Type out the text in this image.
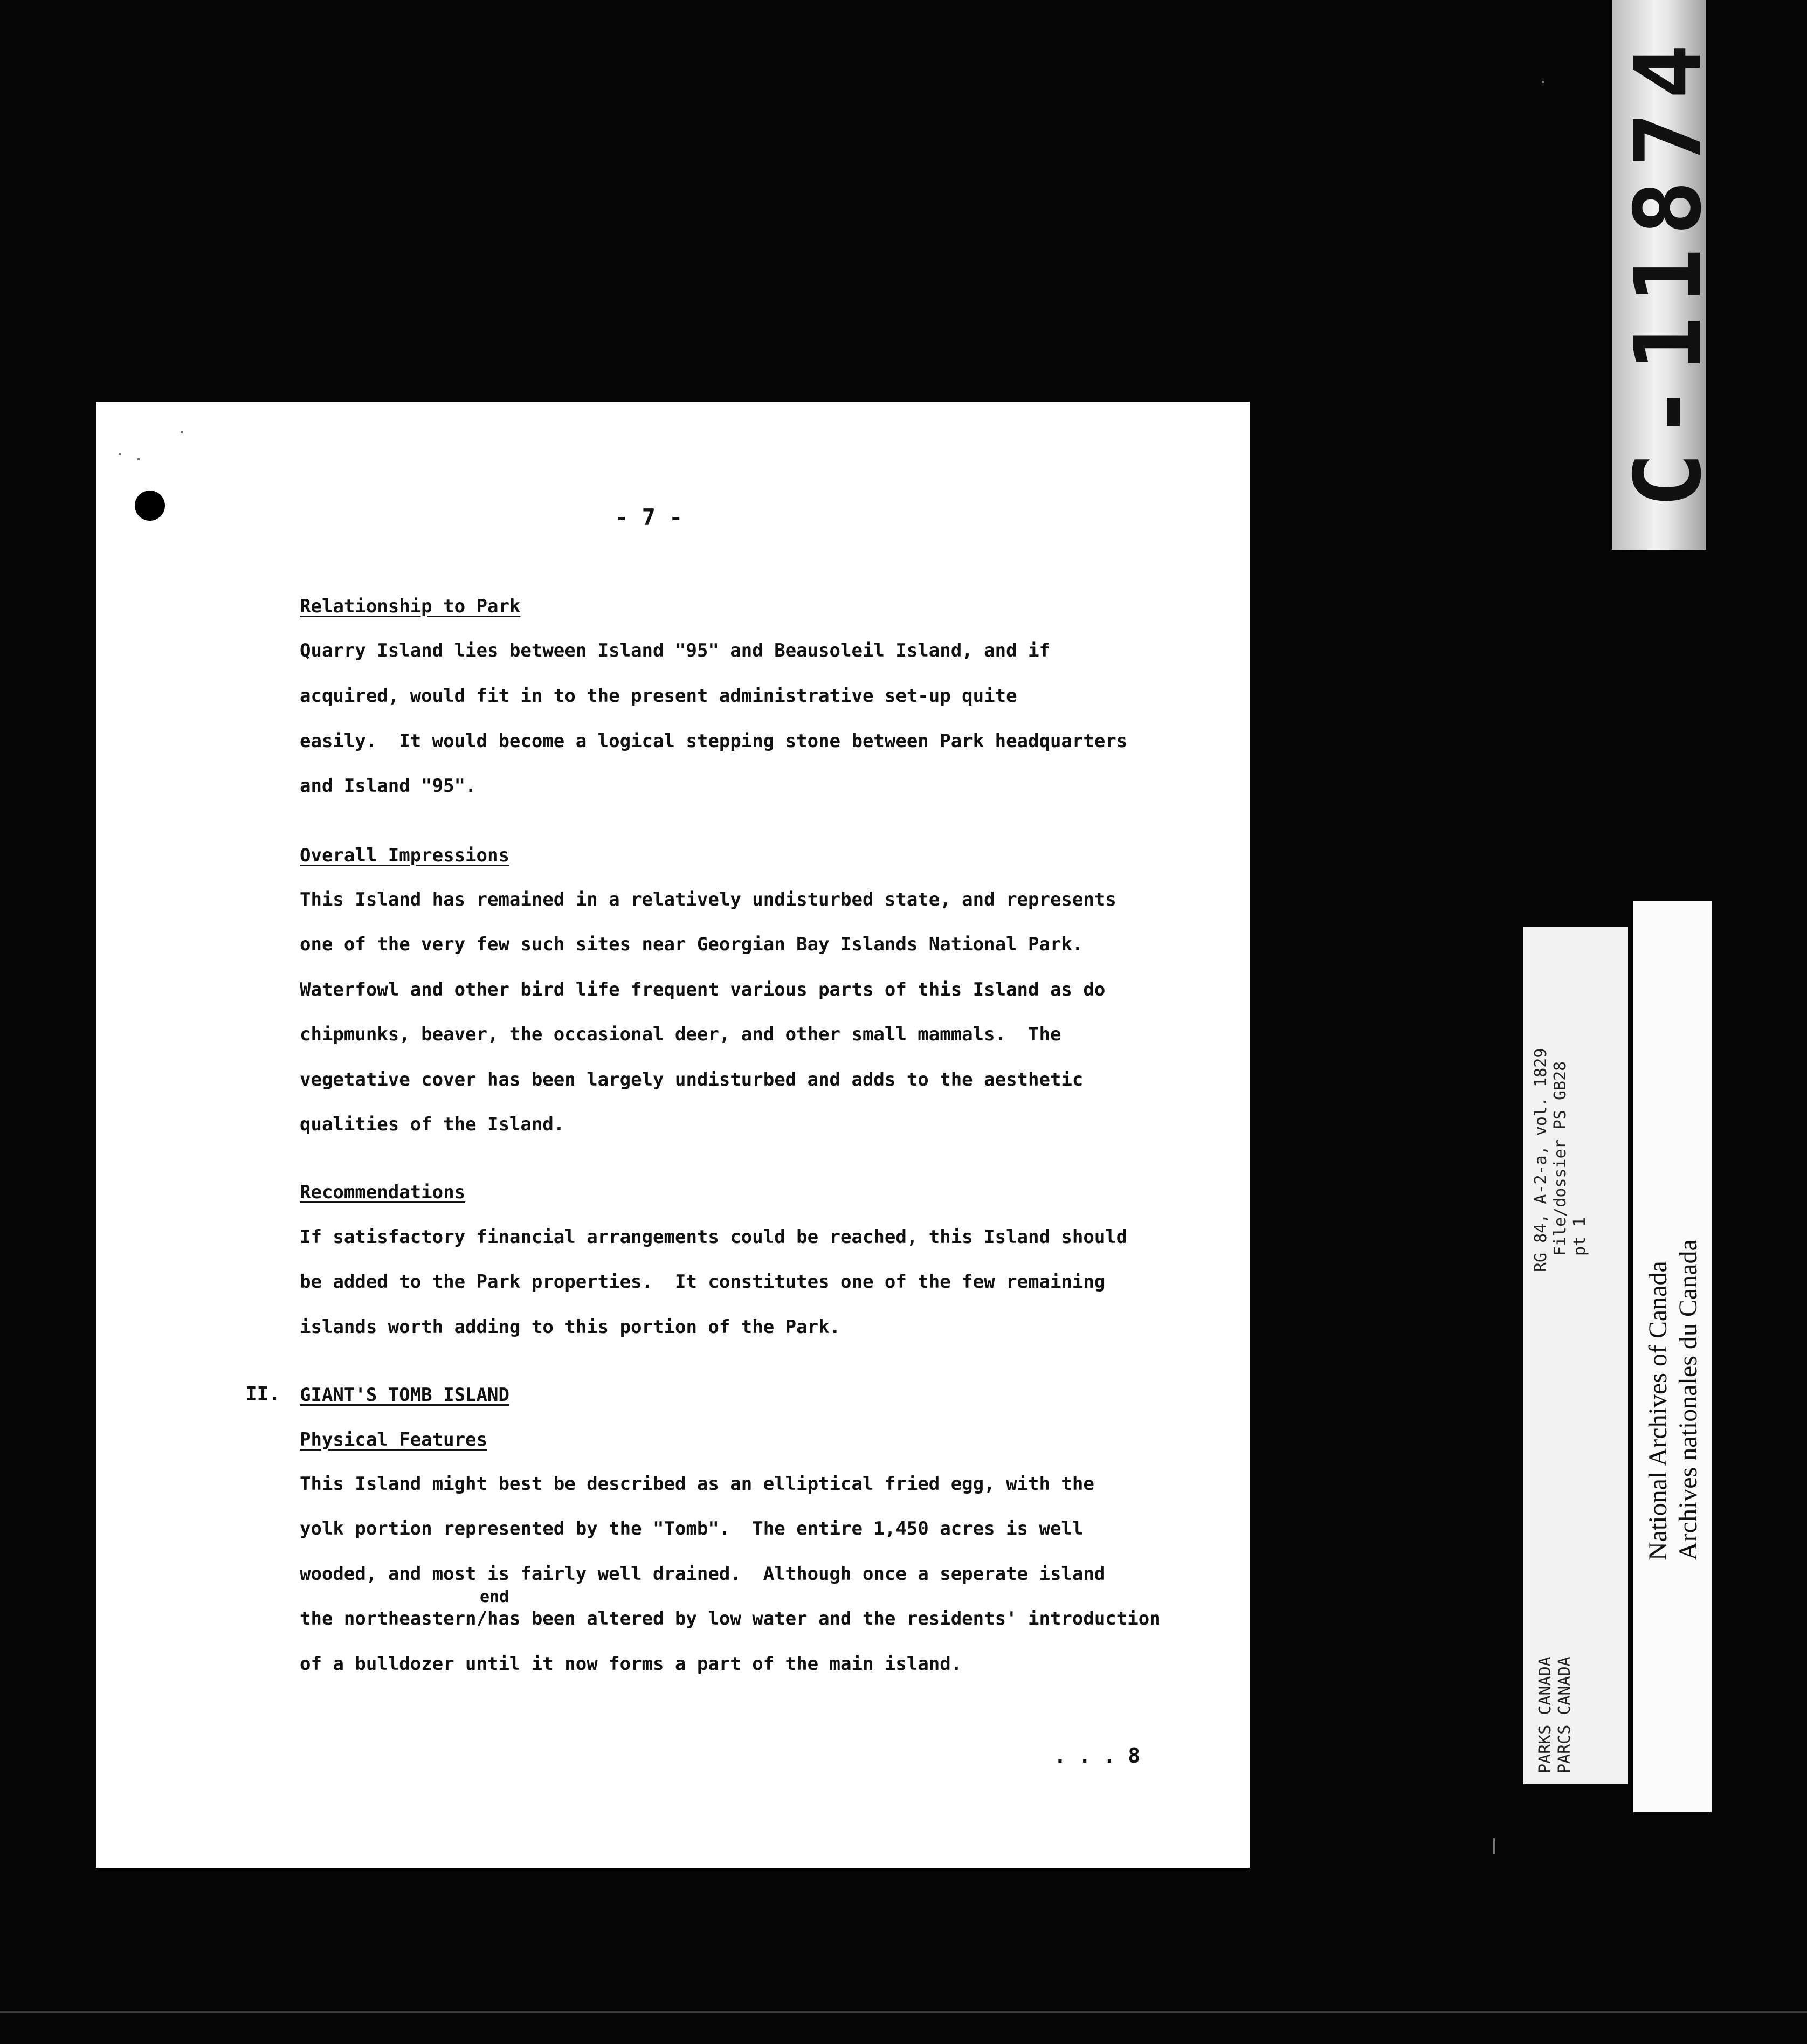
- 7 -
Relationship to Park
Quarry Island lies between Island "95" and Beausoleil Island, and if
acquired, would fit in to the present administrative set-up quite
easily.  It would become a logical stepping stone between Park headquarters
and Island "95".
Overall Impressions
This Island has remained in a relatively undisturbed state, and represents
one of the very few such sites near Georgian Bay Islands National Park.
Waterfowl and other bird life frequent various parts of this Island as do
chipmunks, beaver, the occasional deer, and other small mammals.  The
vegetative cover has been largely undisturbed and adds to the aesthetic
qualities of the Island.
Recommendations
If satisfactory financial arrangements could be reached, this Island should
be added to the Park properties.  It constitutes one of the few remaining
islands worth adding to this portion of the Park.
II. GIANT'S TOMB ISLAND
Physical Features
This Island might best be described as an elliptical fried egg, with the
yolk portion represented by the "Tomb".  The entire 1,450 acres is well
wooded, and most is fairly well drained.  Although once a seperate island
end
the northeastern/has been altered by low water and the residents' introduction
of a bulldozer until it now forms a part of the main island.
. . . 8
C-11874
RG 84, A-2-a, vol. 1829 File/dossier PS GB28 pt 1
PARKS CANADA PARCS CANADA
National Archives of Canada Archives nationales du Canada
